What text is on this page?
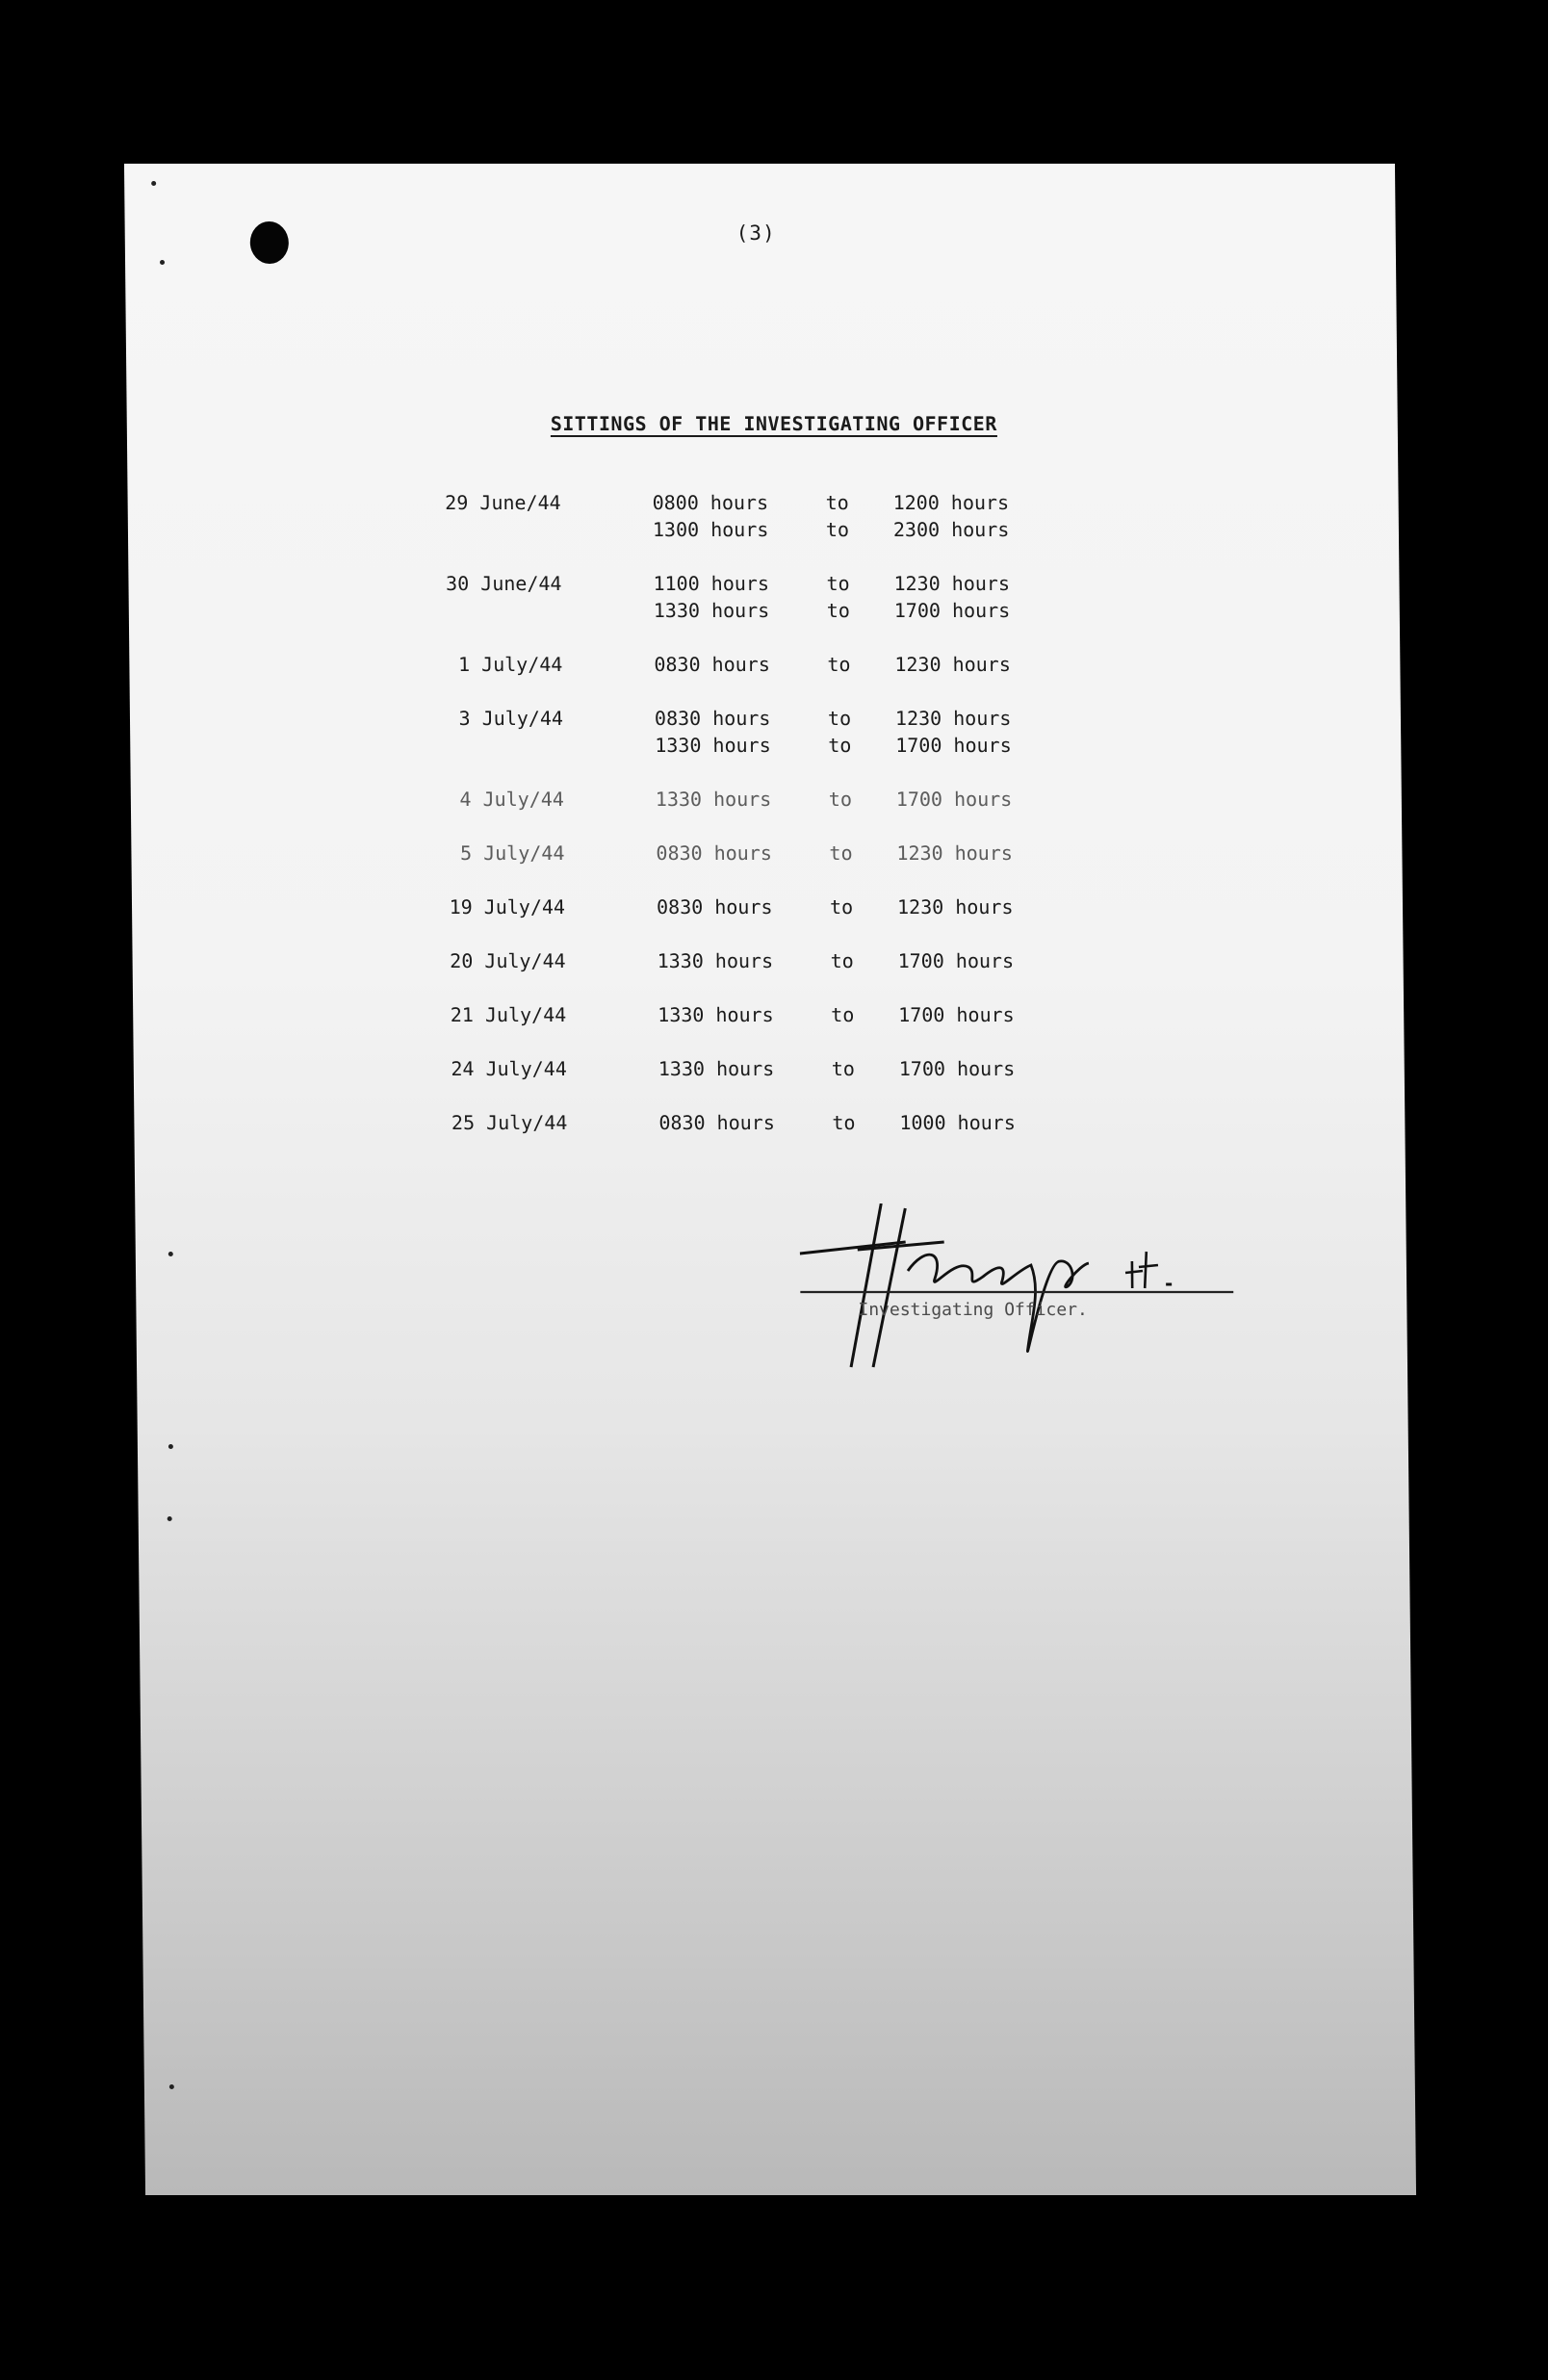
(3)
SITTINGS OF THE INVESTIGATING OFFICER
29 June/44	0800 hours	to 1200 hours
1300 hours	to 2300 hours
30 June/44	1100 hours	to 1230 hours
1330 hours	to 1700 hours
1 July/44	0830 hours	to 1230 hours
3 July/44	0830 hours	to 1230 hours
1330 hours	to 1700 hours
4 July/44	1330 hours	to 1700 hours
5 July/44	0830 hours	to 1230 hours
19 July/44	0830 hours	to 1230 hours
20 July/44	1330 hours	to 1700 hours
21 July/44	1330 hours	to 1700 hours
24 July/44	1330 hours	to 1700 hours
25 July/44	0830 hours	to 1000 hours
Investigating Officer.
